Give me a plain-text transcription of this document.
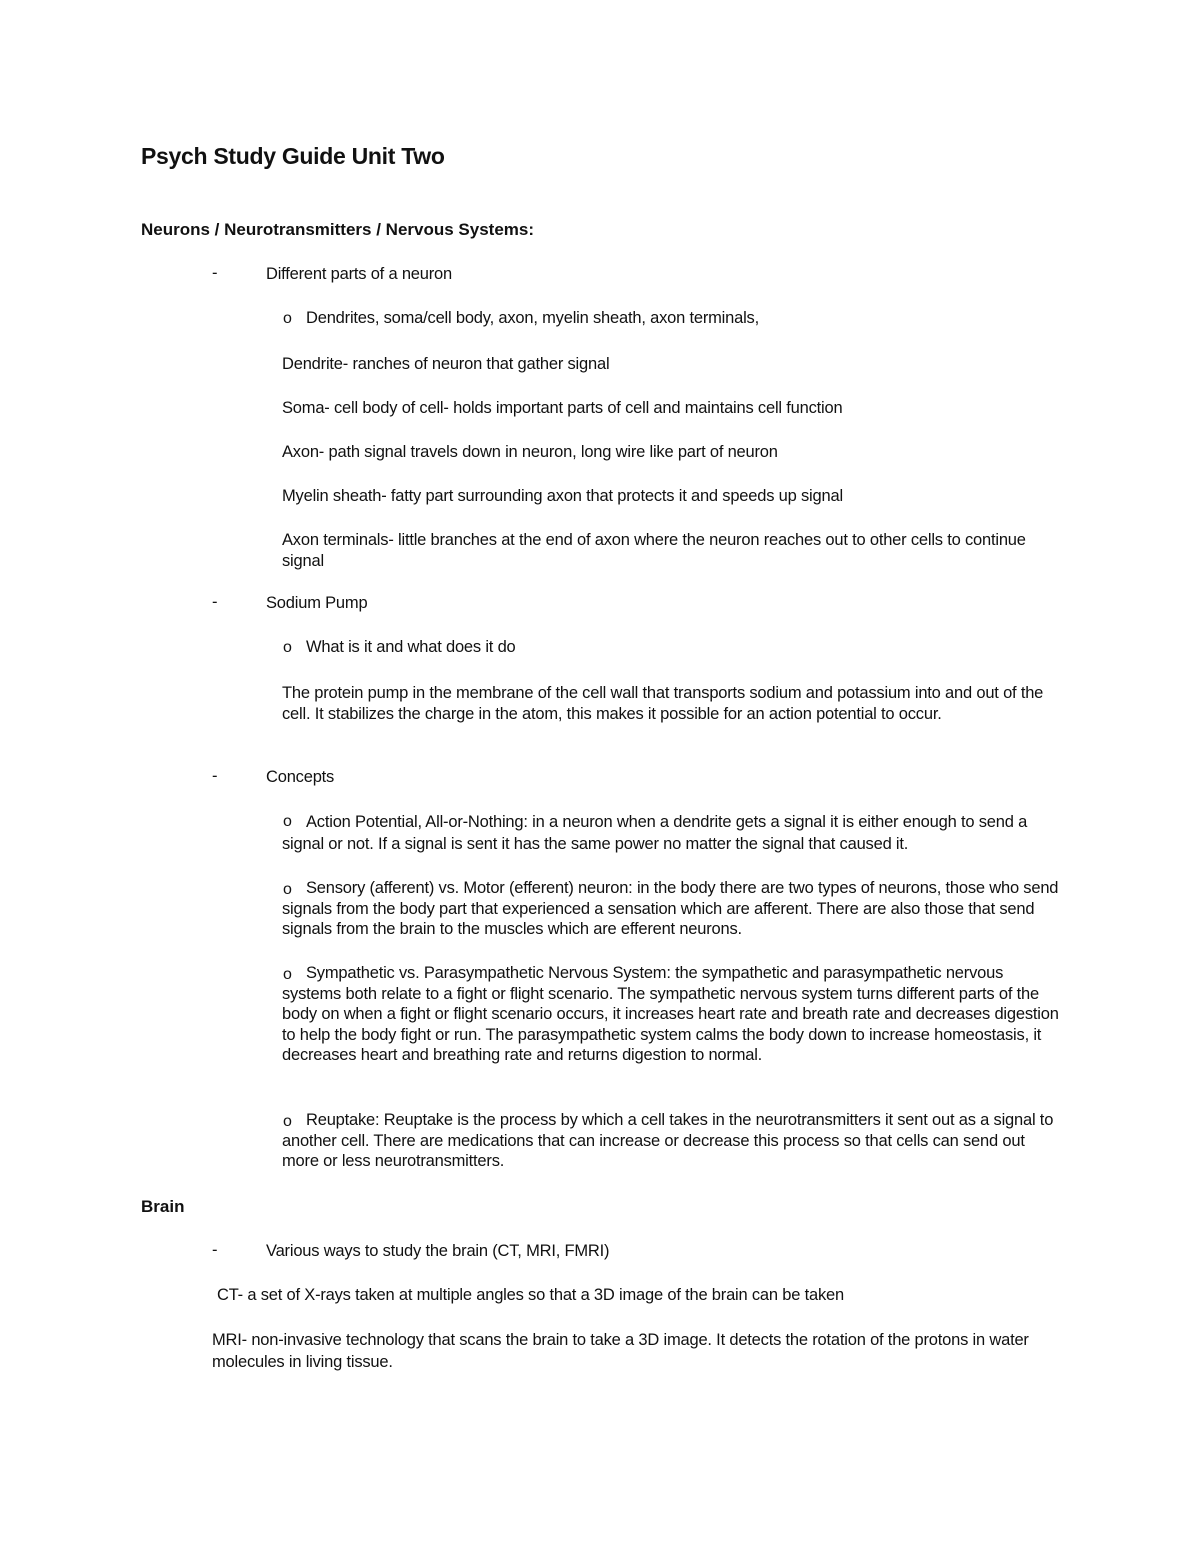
Psych Study Guide Unit Two
Neurons / Neurotransmitters / Nervous Systems:
-	Different parts of a neuron
o Dendrites, soma/cell body, axon, myelin sheath, axon terminals,
Dendrite- ranches of neuron that gather signal
Soma- cell body of cell- holds important parts of cell and maintains cell function
Axon- path signal travels down in neuron, long wire like part of neuron
Myelin sheath- fatty part surrounding axon that protects it and speeds up signal
Axon terminals- little branches at the end of axon where the neuron reaches out to other cells to continue signal
-	Sodium Pump
o What is it and what does it do
The protein pump in the membrane of the cell wall that transports sodium and potassium into and out of the cell. It stabilizes the charge in the atom, this makes it possible for an action potential to occur.
-	Concepts
o Action Potential, All-or-Nothing: in a neuron when a dendrite gets a signal it is either enough to send a signal or not. If a signal is sent it has the same power no matter the signal that caused it.
o Sensory (afferent) vs. Motor (efferent) neuron: in the body there are two types of neurons, those who send signals from the body part that experienced a sensation which are afferent. There are also those that send signals from the brain to the muscles which are efferent neurons.
o Sympathetic vs. Parasympathetic Nervous System: the sympathetic and parasympathetic nervous systems both relate to a fight or flight scenario. The sympathetic nervous system turns different parts of the body on when a fight or flight scenario occurs, it increases heart rate and breath rate and decreases digestion to help the body fight or run. The parasympathetic system calms the body down to increase homeostasis, it decreases heart and breathing rate and returns digestion to normal.
o Reuptake: Reuptake is the process by which a cell takes in the neurotransmitters it sent out as a signal to another cell. There are medications that can increase or decrease this process so that cells can send out more or less neurotransmitters.
Brain
-	Various ways to study the brain (CT, MRI, FMRI)
CT- a set of X-rays taken at multiple angles so that a 3D image of the brain can be taken
MRI- non-invasive technology that scans the brain to take a 3D image. It detects the rotation of the protons in water molecules in living tissue.
